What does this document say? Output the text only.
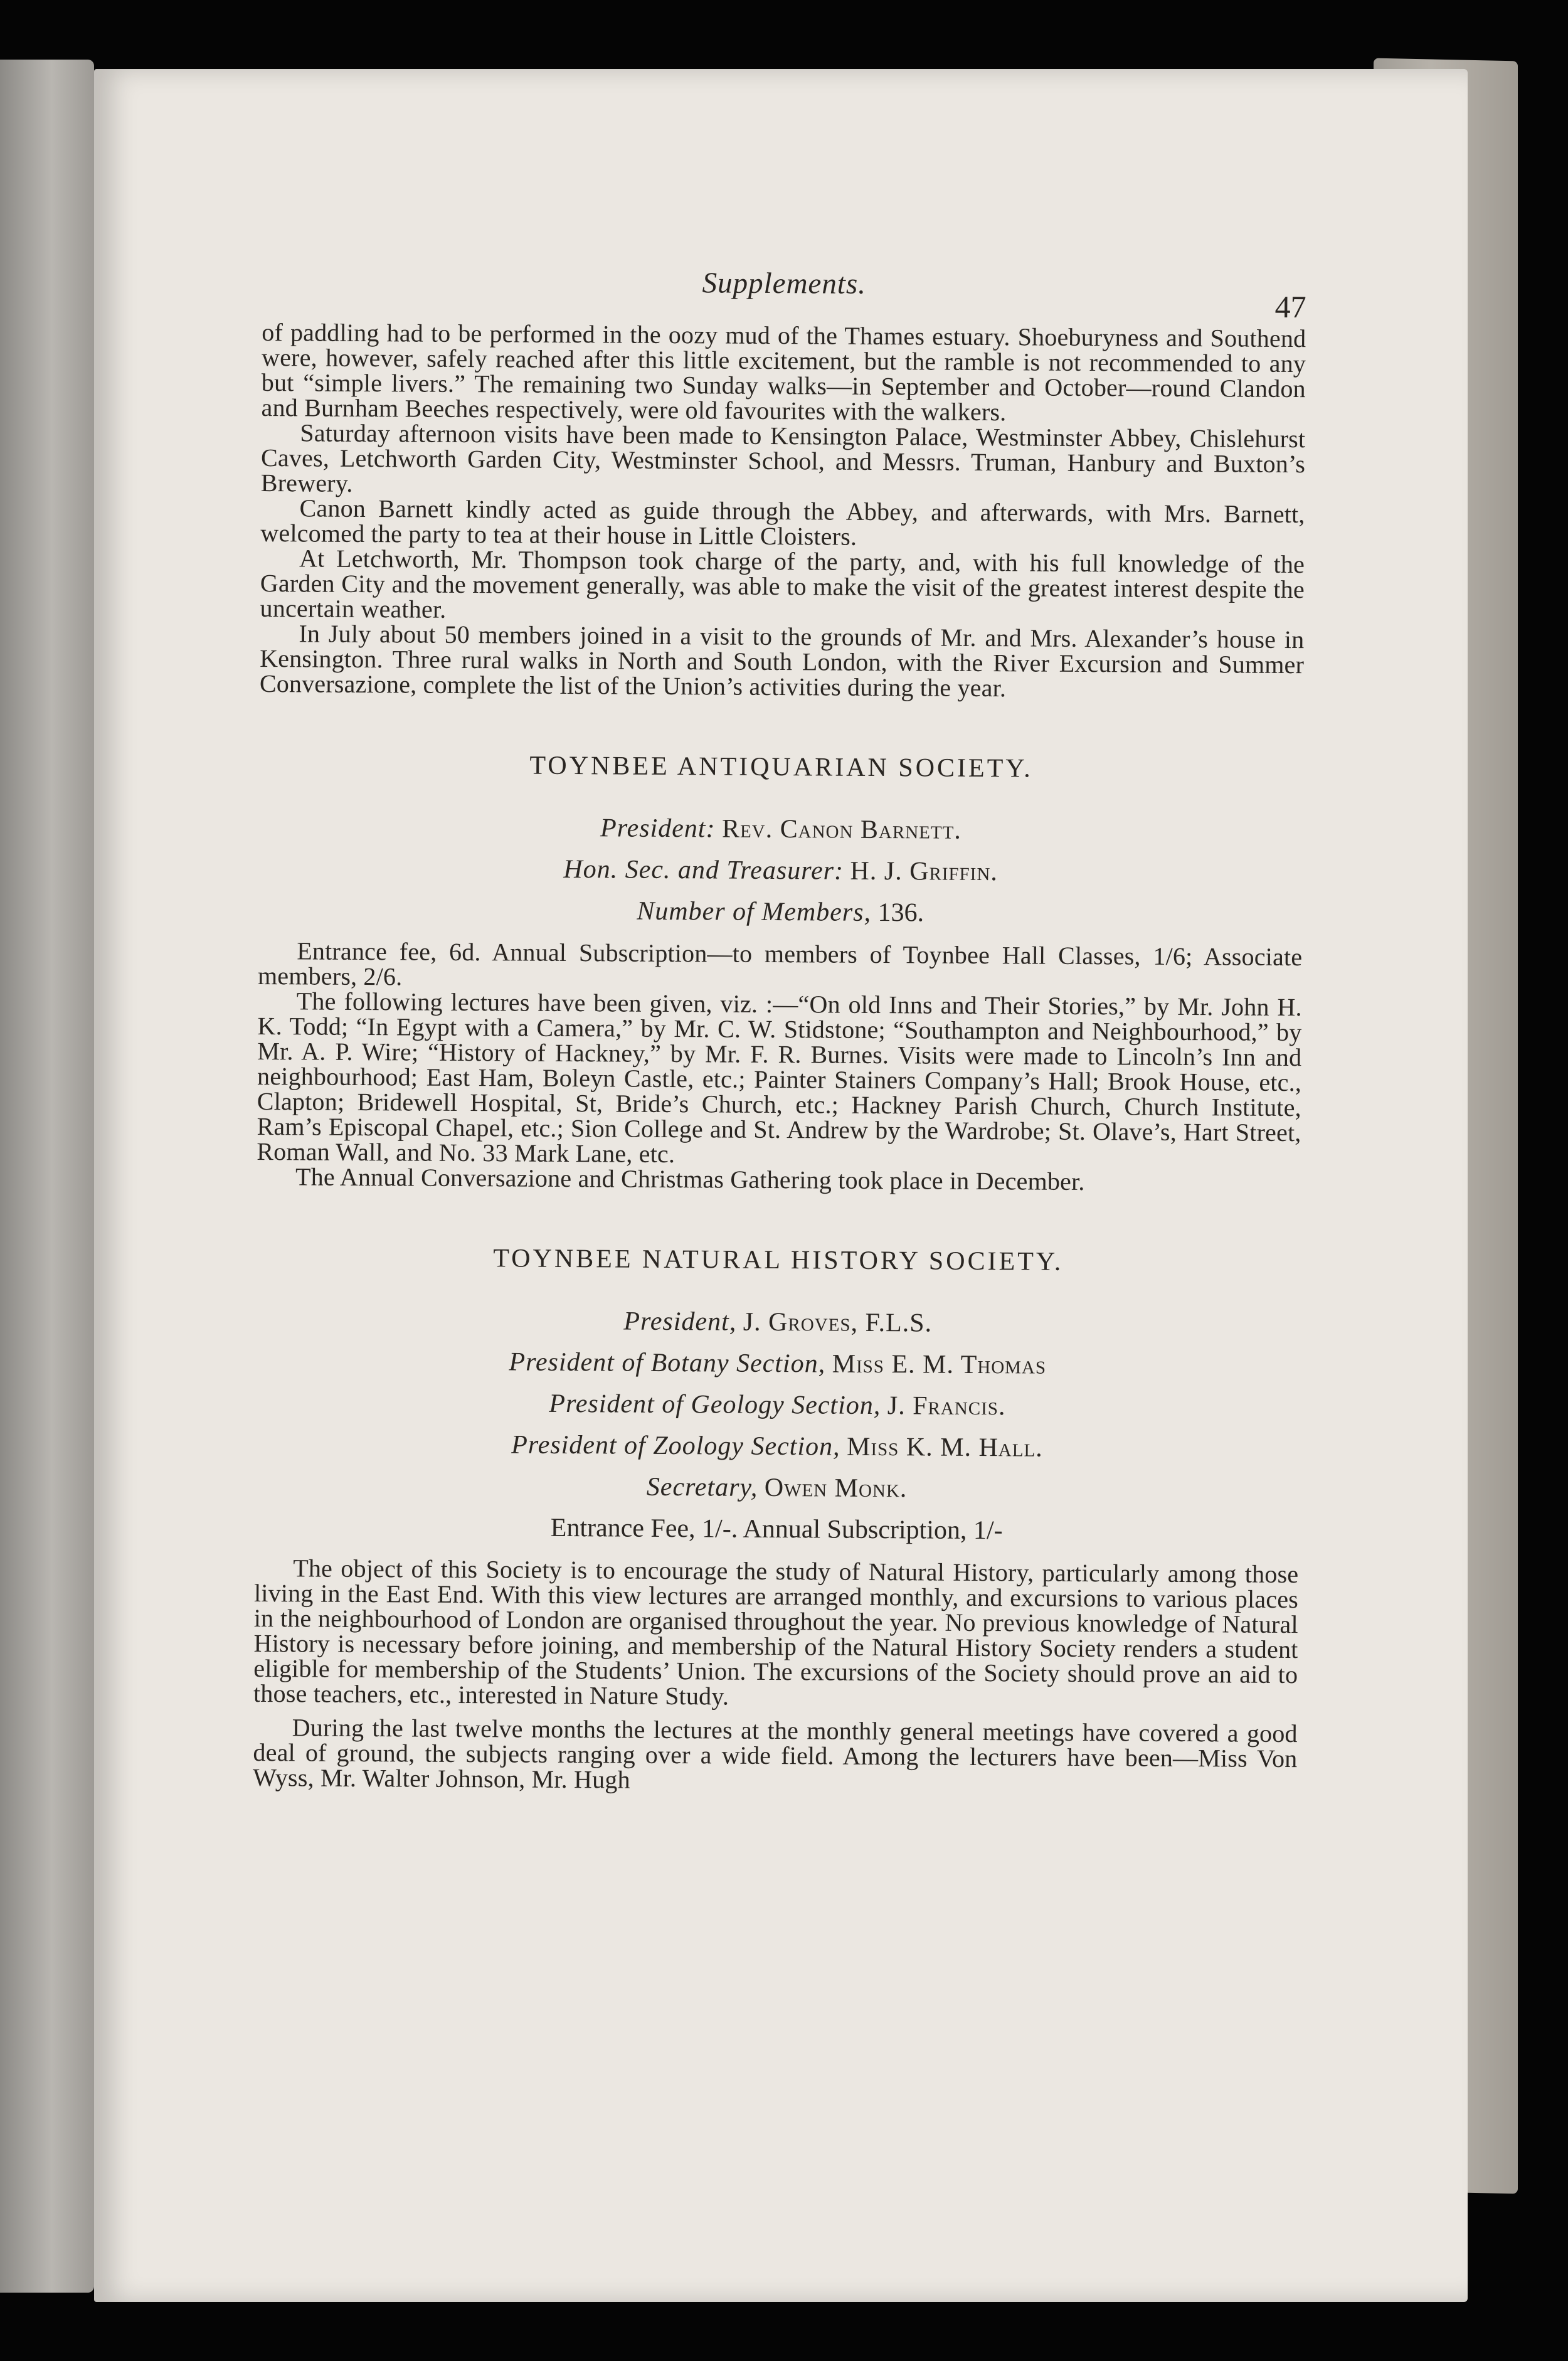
Supplements.
47

of paddling had to be performed in the oozy mud of the Thames estuary. Shoeburyness and Southend were, however, safely reached after this little excitement, but the ramble is not recommended to any but “simple livers.” The remaining two Sunday walks—in September and October—round Clandon and Burnham Beeches respectively, were old favourites with the walkers.

Saturday afternoon visits have been made to Kensington Palace, Westminster Abbey, Chislehurst Caves, Letchworth Garden City, Westminster School, and Messrs. Truman, Hanbury and Buxton’s Brewery.

Canon Barnett kindly acted as guide through the Abbey, and afterwards, with Mrs. Barnett, welcomed the party to tea at their house in Little Cloisters.

At Letchworth, Mr. Thompson took charge of the party, and, with his full knowledge of the Garden City and the movement generally, was able to make the visit of the greatest interest despite the uncertain weather.

In July about 50 members joined in a visit to the grounds of Mr. and Mrs. Alexander’s house in Kensington. Three rural walks in North and South London, with the River Excursion and Summer Conversazione, complete the list of the Union’s activities during the year.

TOYNBEE ANTIQUARIAN SOCIETY.
President: Rev. Canon Barnett.
Hon. Sec. and Treasurer: H. J. Griffin.
Number of Members, 136.

Entrance fee, 6d. Annual Subscription—to members of Toynbee Hall Classes, 1/6; Associate members, 2/6.

The following lectures have been given, viz. :—“On old Inns and Their Stories,” by Mr. John H. K. Todd; “In Egypt with a Camera,” by Mr. C. W. Stidstone; “Southampton and Neighbourhood,” by Mr. A. P. Wire; “History of Hackney,” by Mr. F. R. Burnes. Visits were made to Lincoln’s Inn and neighbourhood; East Ham, Boleyn Castle, etc.; Painter Stainers Company’s Hall; Brook House, etc., Clapton; Bridewell Hospital, St, Bride’s Church, etc.; Hackney Parish Church, Church Institute, Ram’s Episcopal Chapel, etc.; Sion College and St. Andrew by the Wardrobe; St. Olave’s, Hart Street, Roman Wall, and No. 33 Mark Lane, etc.

The Annual Conversazione and Christmas Gathering took place in December.

TOYNBEE NATURAL HISTORY SOCIETY.
President, J. Groves, F.L.S.
President of Botany Section, Miss E. M. Thomas
President of Geology Section, J. Francis.
President of Zoology Section, Miss K. M. Hall.
Secretary, Owen Monk.
Entrance Fee, 1/-. Annual Subscription, 1/-

The object of this Society is to encourage the study of Natural History, particularly among those living in the East End. With this view lectures are arranged monthly, and excursions to various places in the neighbourhood of London are organised throughout the year. No previous knowledge of Natural History is necessary before joining, and membership of the Natural History Society renders a student eligible for membership of the Students’ Union. The excursions of the Society should prove an aid to those teachers, etc., interested in Nature Study.

During the last twelve months the lectures at the monthly general meetings have covered a good deal of ground, the subjects ranging over a wide field. Among the lecturers have been—Miss Von Wyss, Mr. Walter Johnson, Mr. Hugh
